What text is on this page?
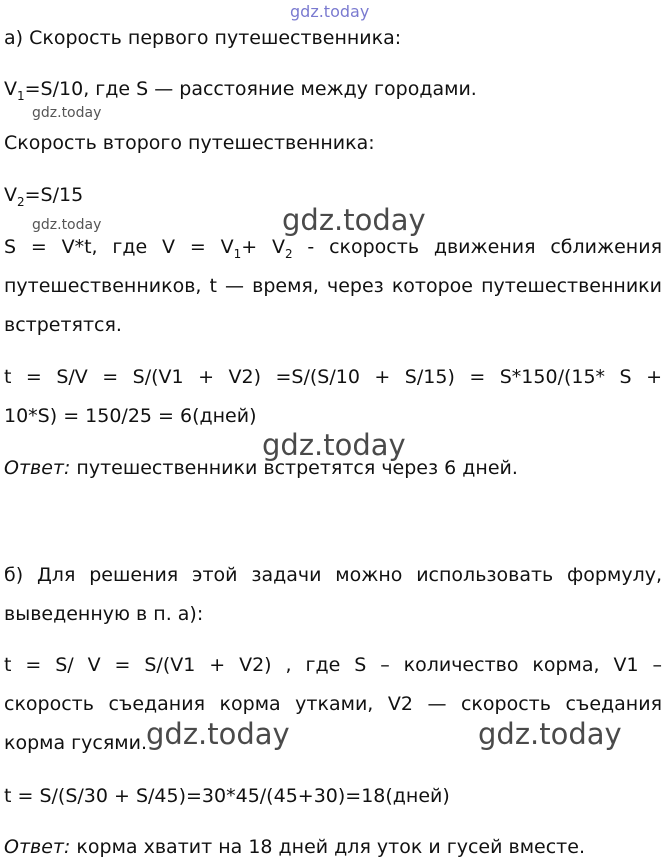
gdz.today
gdz.today
gdz.today	gdz.today
gdz.today
gdz.today	gdz.today
а) Скорость первого путешественника:
$V_1=S/10$, где S — расстояние между городами.
Скорость второго путешественника:
$V_2=S/15$
S = V*t, где $V = V_1+ V_2$ - скорость движения сближения
путешественников, t — время, через которое путешественники
встретятся.
t = S/V = S/(V1 + V2) =S/(S/10 + S/15) = S*150/(15* S +
10*S) = 150/25 = 6(дней)
Ответ: путешественники встретятся через 6 дней.
б) Для решения этой задачи можно использовать формулу,
выведенную в п. а):
t = S/ V = S/(V1 + V2) , где S – количество корма, V1 –
скорость съедания корма утками, V2 — скорость съедания
корма гусями.
t = S/(S/30 + S/45)=30*45/(45+30)=18(дней)
Ответ: корма хватит на 18 дней для уток и гусей вместе.
